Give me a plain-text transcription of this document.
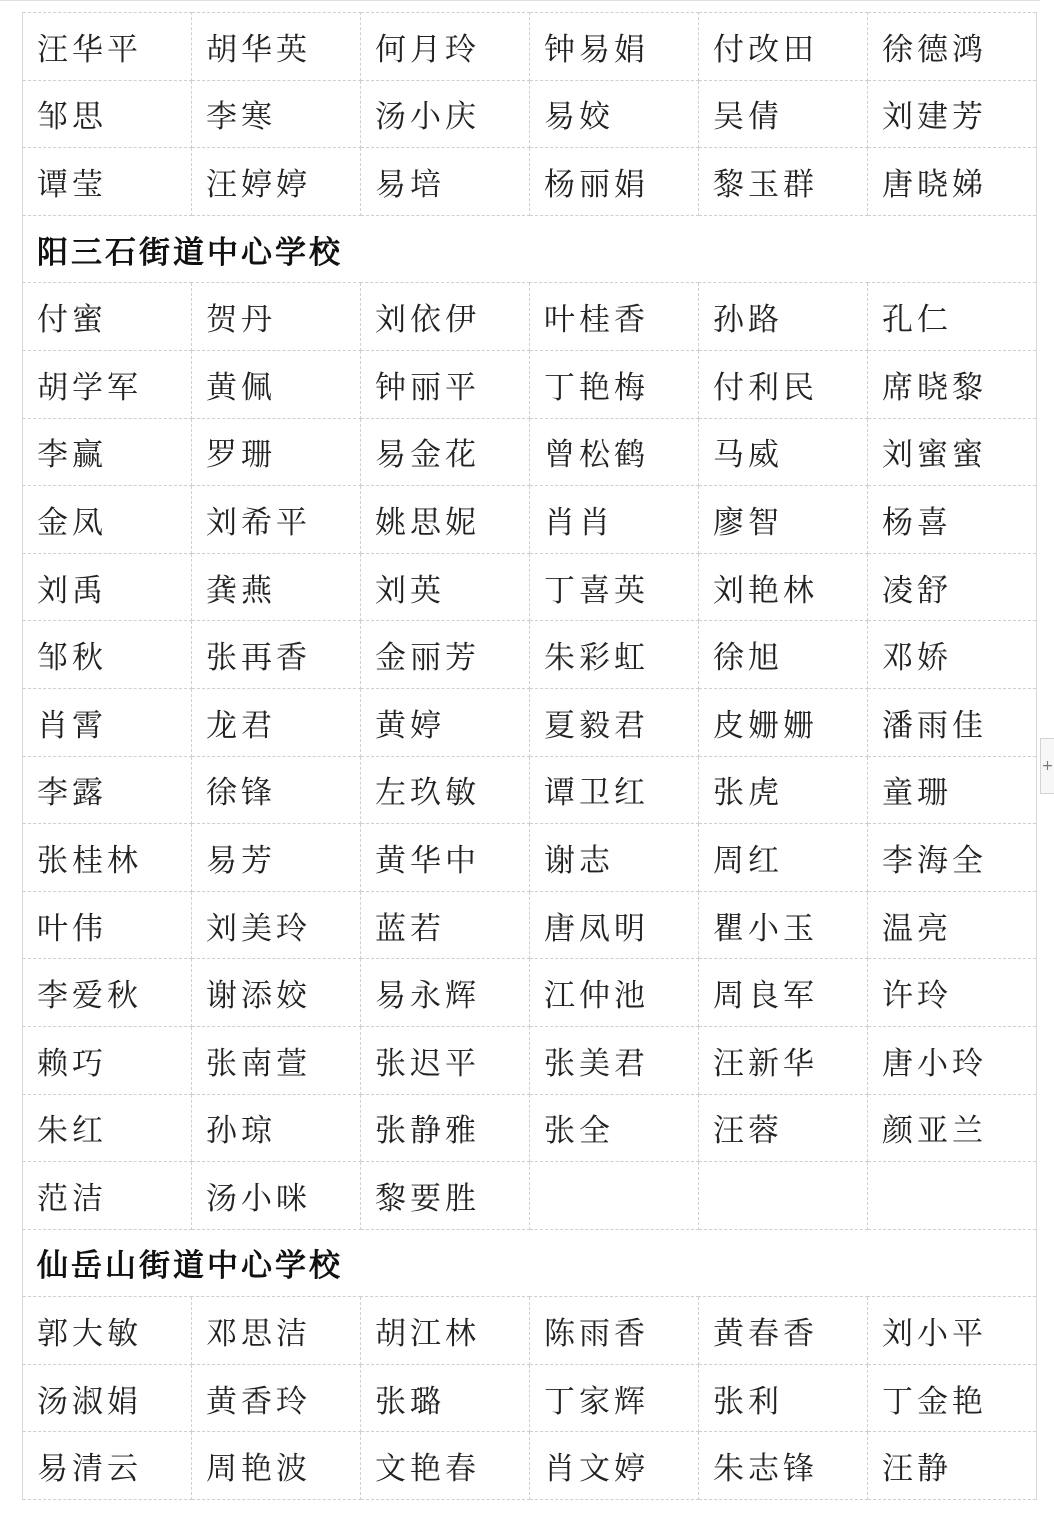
汪华平	胡华英	何月玲	钟易娟	付改田	徐德鸿
邹思	李寒	汤小庆	易姣	吴倩	刘建芳
谭莹	汪婷婷	易培	杨丽娟	黎玉群	唐晓娣
阳三石街道中心学校					
付蜜	贺丹	刘依伊	叶桂香	孙路	孔仁
胡学军	黄佩	钟丽平	丁艳梅	付利民	席晓黎
李赢	罗珊	易金花	曾松鹤	马威	刘蜜蜜
金凤	刘希平	姚思妮	肖肖	廖智	杨喜
刘禹	龚燕	刘英	丁喜英	刘艳林	凌舒
邹秋	张再香	金丽芳	朱彩虹	徐旭	邓娇
肖霄	龙君	黄婷	夏毅君	皮姗姗	潘雨佳
李露	徐锋	左玖敏	谭卫红	张虎	童珊
张桂林	易芳	黄华中	谢志	周红	李海全
叶伟	刘美玲	蓝若	唐凤明	瞿小玉	温亮
李爱秋	谢添姣	易永辉	江仲池	周良军	许玲
赖巧	张南萱	张迟平	张美君	汪新华	唐小玲
朱红	孙琼	张静雅	张全	汪蓉	颜亚兰
范洁	汤小咪	黎要胜			
仙岳山街道中心学校					
郭大敏	邓思洁	胡江林	陈雨香	黄春香	刘小平
汤淑娟	黄香玲	张璐	丁家辉	张利	丁金艳
易清云	周艳波	文艳春	肖文婷	朱志锋	汪静
+
